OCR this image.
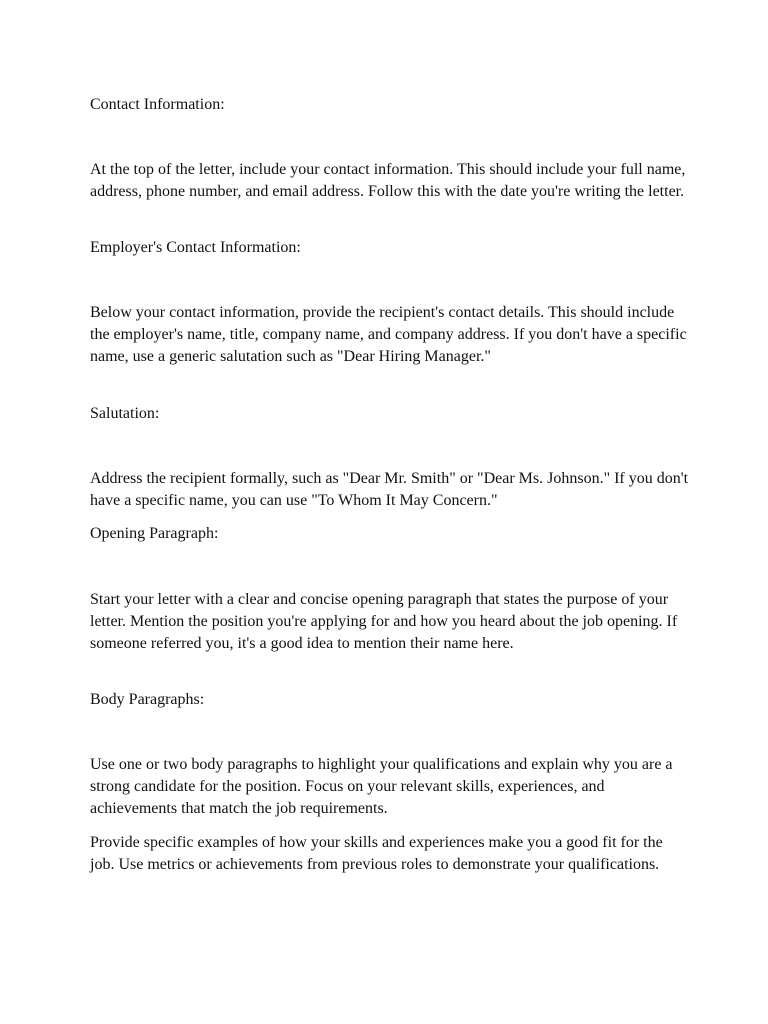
Contact Information:

At the top of the letter, include your contact information. This should include your full name, address, phone number, and email address. Follow this with the date you're writing the letter.

Employer's Contact Information:

Below your contact information, provide the recipient's contact details. This should include the employer's name, title, company name, and company address. If you don't have a specific name, use a generic salutation such as "Dear Hiring Manager."

Salutation:

Address the recipient formally, such as "Dear Mr. Smith" or "Dear Ms. Johnson." If you don't have a specific name, you can use "To Whom It May Concern."

Opening Paragraph:

Start your letter with a clear and concise opening paragraph that states the purpose of your letter. Mention the position you're applying for and how you heard about the job opening. If someone referred you, it's a good idea to mention their name here.

Body Paragraphs:

Use one or two body paragraphs to highlight your qualifications and explain why you are a strong candidate for the position. Focus on your relevant skills, experiences, and achievements that match the job requirements.

Provide specific examples of how your skills and experiences make you a good fit for the job. Use metrics or achievements from previous roles to demonstrate your qualifications.
